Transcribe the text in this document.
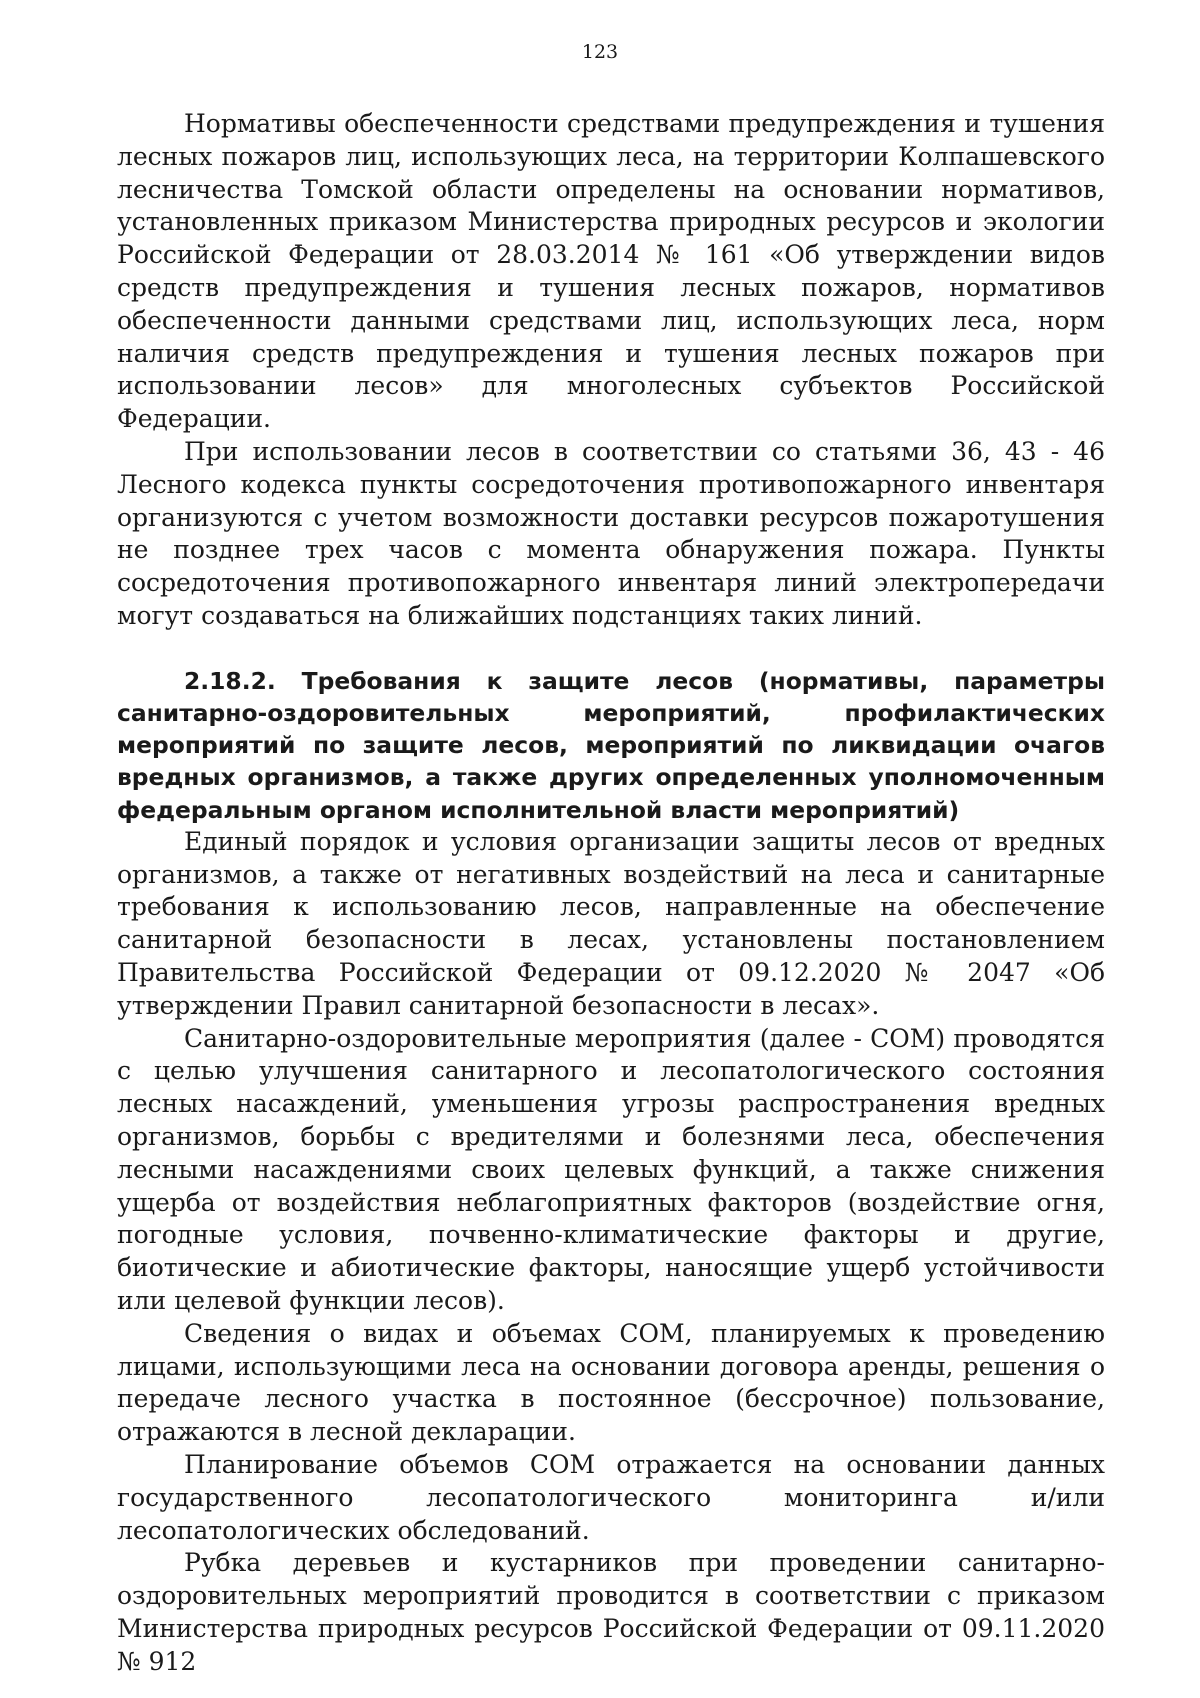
123

Нормативы обеспеченности средствами предупреждения и тушения лесных пожаров лиц, использующих леса, на территории Колпашевского лесничества Томской области определены на основании нормативов, установленных приказом Министерства природных ресурсов и экологии Российской Федерации от 28.03.2014 № 161 «Об утверждении видов средств предупреждения и тушения лесных пожаров, нормативов обеспеченности данными средствами лиц, использующих леса, норм наличия средств предупреждения и тушения лесных пожаров при использовании лесов» для многолесных субъектов Российской Федерации.

При использовании лесов в соответствии со статьями 36, 43 - 46 Лесного кодекса пункты сосредоточения противопожарного инвентаря организуются с учетом возможности доставки ресурсов пожаротушения не позднее трех часов с момента обнаружения пожара. Пункты сосредоточения противопожарного инвентаря линий электропередачи могут создаваться на ближайших подстанциях таких линий.

2.18.2. Требования к защите лесов (нормативы, параметры санитарно-оздоровительных мероприятий, профилактических мероприятий по защите лесов, мероприятий по ликвидации очагов вредных организмов, а также других определенных уполномоченным федеральным органом исполнительной власти мероприятий)

Единый порядок и условия организации защиты лесов от вредных организмов, а также от негативных воздействий на леса и санитарные требования к использованию лесов, направленные на обеспечение санитарной безопасности в лесах, установлены постановлением Правительства Российской Федерации от 09.12.2020 № 2047 «Об утверждении Правил санитарной безопасности в лесах».

Санитарно-оздоровительные мероприятия (далее - СОМ) проводятся с целью улучшения санитарного и лесопатологического состояния лесных насаждений, уменьшения угрозы распространения вредных организмов, борьбы с вредителями и болезнями леса, обеспечения лесными насаждениями своих целевых функций, а также снижения ущерба от воздействия неблагоприятных факторов (воздействие огня, погодные условия, почвенно-климатические факторы и другие, биотические и абиотические факторы, наносящие ущерб устойчивости или целевой функции лесов).

Сведения о видах и объемах СОМ, планируемых к проведению лицами, использующими леса на основании договора аренды, решения о передаче лесного участка в постоянное (бессрочное) пользование, отражаются в лесной декларации.

Планирование объемов СОМ отражается на основании данных государственного лесопатологического мониторинга и/или лесопатологических обследований.

Рубка деревьев и кустарников при проведении санитарно-оздоровительных мероприятий проводится в соответствии с приказом Министерства природных ресурсов Российской Федерации от 09.11.2020 № 912
